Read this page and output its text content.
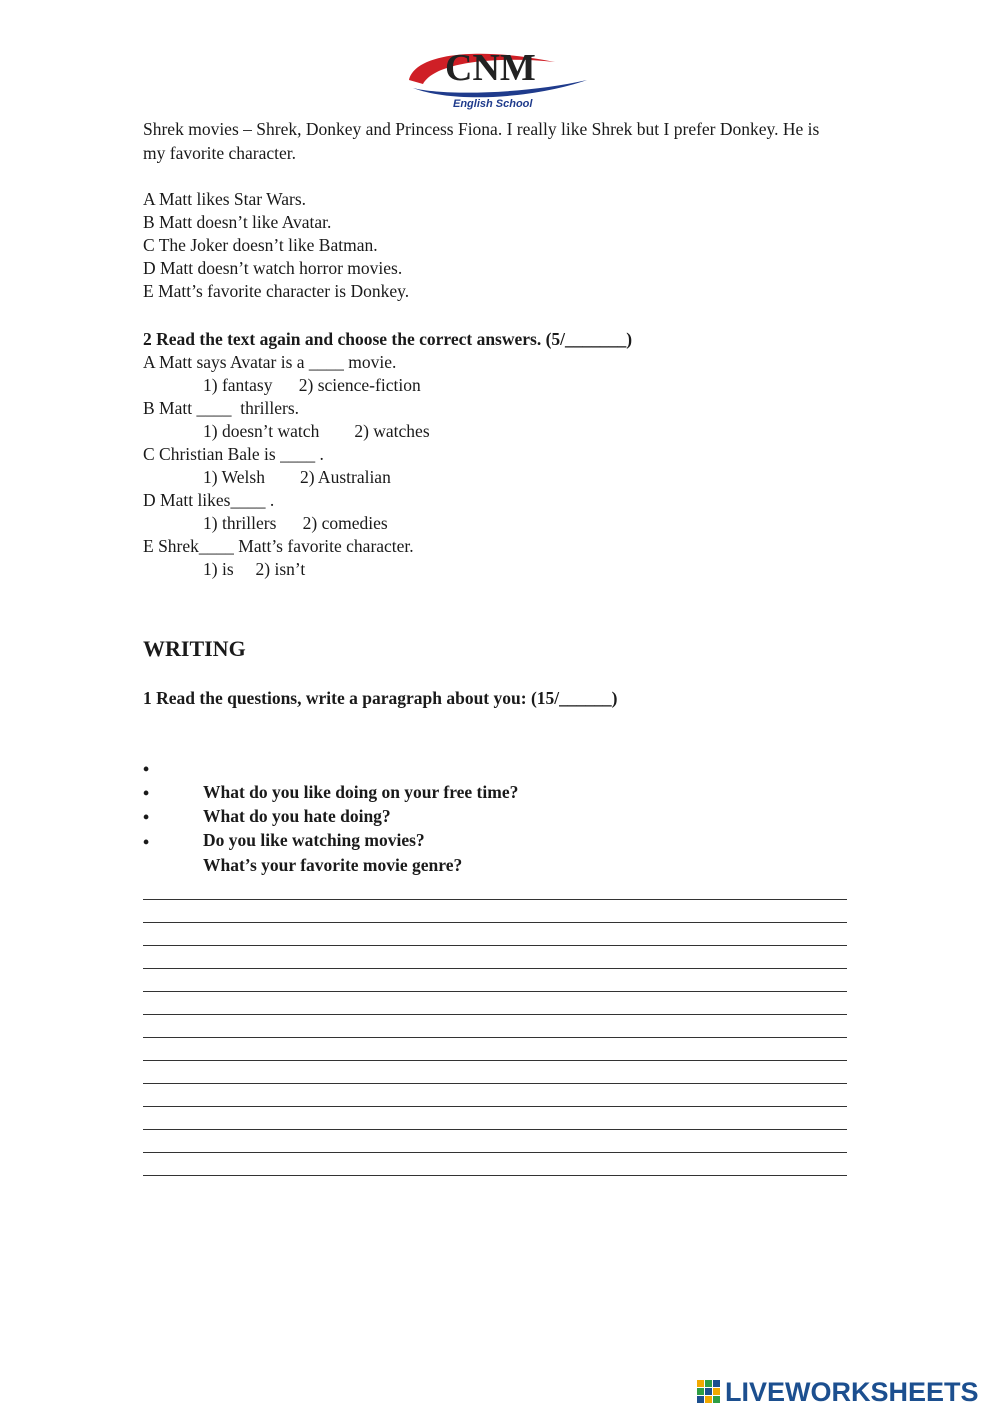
CNM
English School
Shrek movies – Shrek, Donkey and Princess Fiona. I really like Shrek but I prefer Donkey. He is my favorite character.
A Matt likes Star Wars.
B Matt doesn’t like Avatar.
C The Joker doesn’t like Batman.
D Matt doesn’t watch horror movies.
E Matt’s favorite character is Donkey.
2 Read the text again and choose the correct answers. (5/_______)
A Matt says Avatar is a ____ movie.
1) fantasy      2) science-fiction
B Matt ____  thrillers.
1) doesn’t watch        2) watches
C Christian Bale is ____ .
1) Welsh        2) Australian
D Matt likes____ .
1) thrillers      2) comedies
E Shrek____ Matt’s favorite character.
1) is     2) isn’t
WRITING
1 Read the questions, write a paragraph about you: (15/______)

•

What do you like doing on your free time?

•

What do you hate doing?

•

Do you like watching movies?

•

What’s your favorite movie genre?

LIVEWORKSHEETS
